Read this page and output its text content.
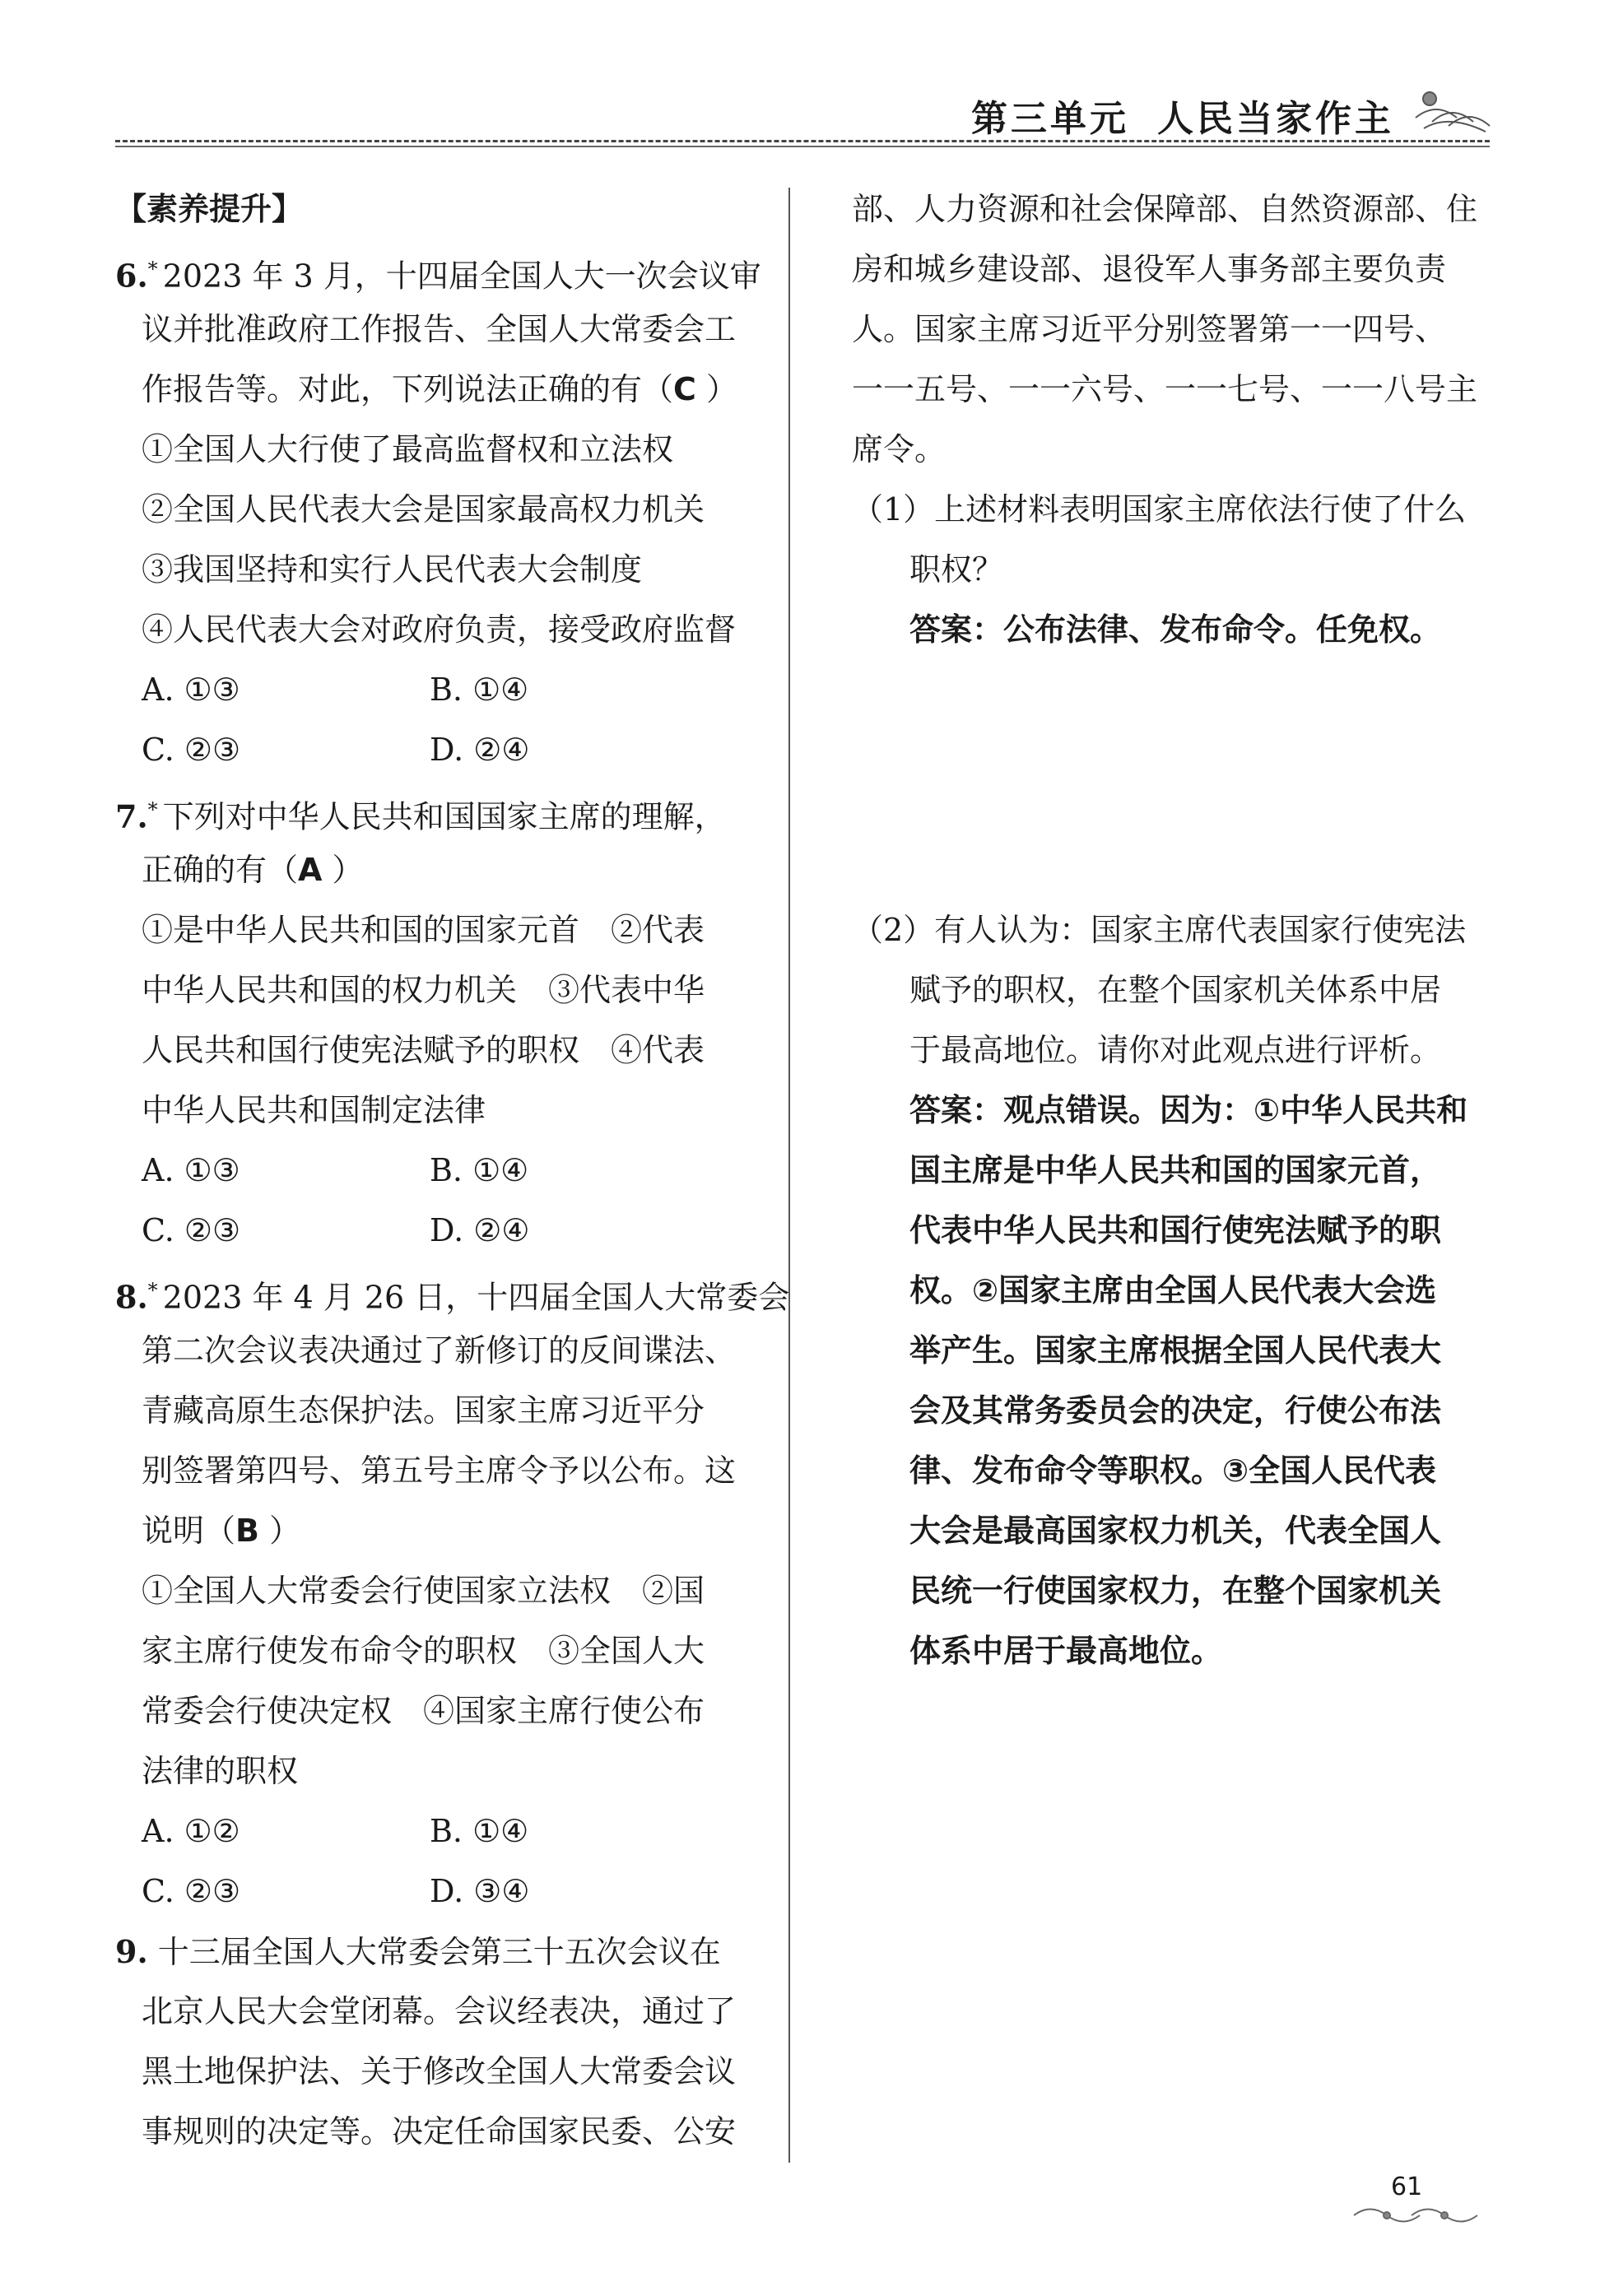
第三单元 人民当家作主
【素养提升】
6.* 2023 年 3 月，十四届全国人大一次会议审
议并批准政府工作报告、全国人大常委会工
作报告等。对此，下列说法正确的有（C ）
①全国人大行使了最高监督权和立法权
②全国人民代表大会是国家最高权力机关
③我国坚持和实行人民代表大会制度
④人民代表大会对政府负责，接受政府监督
A. ①③	B. ①④
C. ②③	D. ②④
7.* 下列对中华人民共和国国家主席的理解，
正确的有（A ）
①是中华人民共和国的国家元首　②代表
中华人民共和国的权力机关　③代表中华
人民共和国行使宪法赋予的职权　④代表
中华人民共和国制定法律
A. ①③	B. ①④
C. ②③	D. ②④
8.* 2023 年 4 月 26 日，十四届全国人大常委会
第二次会议表决通过了新修订的反间谍法、
青藏高原生态保护法。国家主席习近平分
别签署第四号、第五号主席令予以公布。这
说明（B ）
①全国人大常委会行使国家立法权　②国
家主席行使发布命令的职权　③全国人大
常委会行使决定权　④国家主席行使公布
法律的职权
A. ①②	B. ①④
C. ②③	D. ③④
9. 十三届全国人大常委会第三十五次会议在
北京人民大会堂闭幕。会议经表决，通过了
黑土地保护法、关于修改全国人大常委会议
事规则的决定等。决定任命国家民委、公安
部、人力资源和社会保障部、自然资源部、住
房和城乡建设部、退役军人事务部主要负责
人。国家主席习近平分别签署第一一四号、
一一五号、一一六号、一一七号、一一八号主
席令。
（1）上述材料表明国家主席依法行使了什么
职权？
答案：公布法律、发布命令。任免权。
（2）有人认为：国家主席代表国家行使宪法
赋予的职权，在整个国家机关体系中居
于最高地位。请你对此观点进行评析。
答案：观点错误。因为：①中华人民共和
国主席是中华人民共和国的国家元首，
代表中华人民共和国行使宪法赋予的职
权。②国家主席由全国人民代表大会选
举产生。国家主席根据全国人民代表大
会及其常务委员会的决定，行使公布法
律、发布命令等职权。③全国人民代表
大会是最高国家权力机关，代表全国人
民统一行使国家权力，在整个国家机关
体系中居于最高地位。
61
